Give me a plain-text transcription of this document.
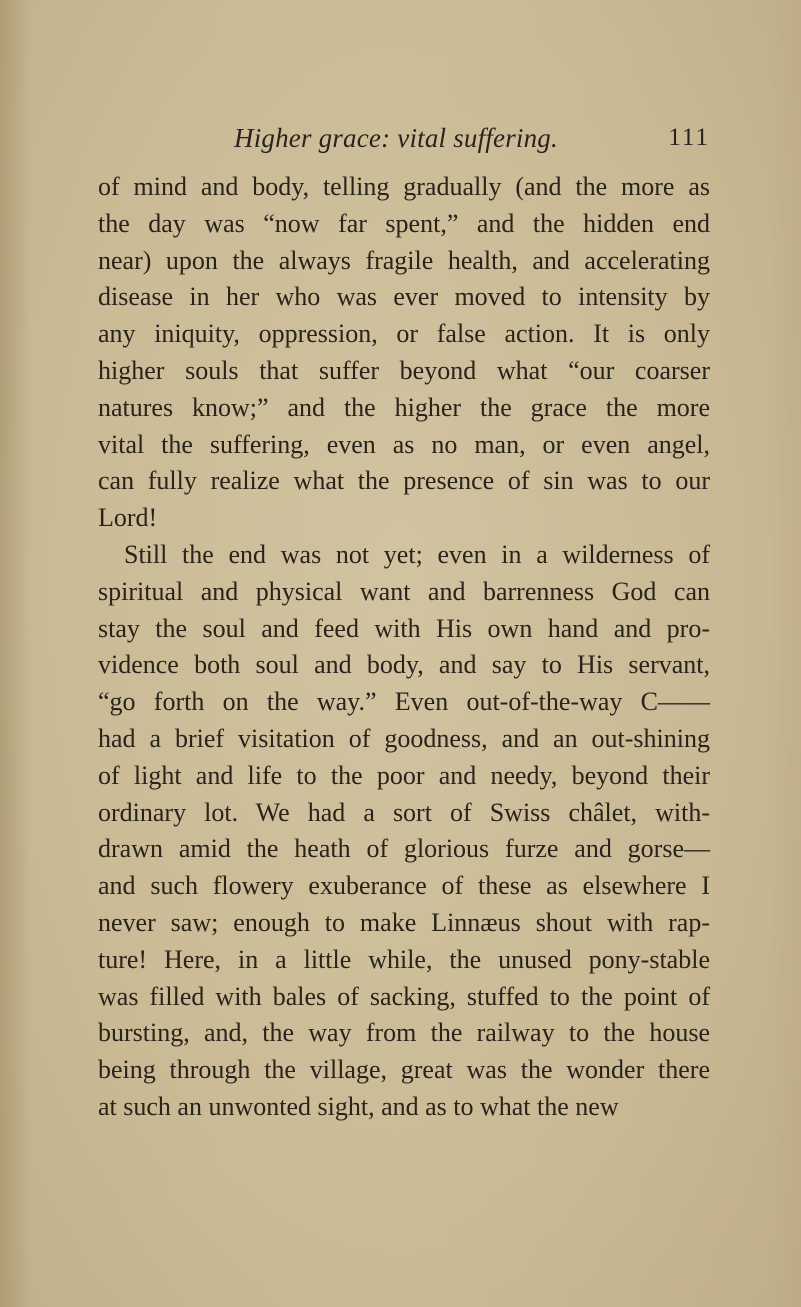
Higher grace: vital suffering.	111
of mind and body, telling gradually (and the more as
the day was “now far spent,” and the hidden end
near) upon the always fragile health, and accelerating
disease in her who was ever moved to intensity by
any iniquity, oppression, or false action. It is only
higher souls that suffer beyond what “our coarser
natures know;” and the higher the grace the more
vital the suffering, even as no man, or even angel,
can fully realize what the presence of sin was to our
Lord!
Still the end was not yet; even in a wilderness of
spiritual and physical want and barrenness God can
stay the soul and feed with His own hand and pro-
vidence both soul and body, and say to His servant,
“go forth on the way.” Even out-of-the-way C——
had a brief visitation of goodness, and an out-shining
of light and life to the poor and needy, beyond their
ordinary lot. We had a sort of Swiss châlet, with-
drawn amid the heath of glorious furze and gorse—
and such flowery exuberance of these as elsewhere I
never saw; enough to make Linnæus shout with rap-
ture! Here, in a little while, the unused pony-stable
was filled with bales of sacking, stuffed to the point of
bursting, and, the way from the railway to the house
being through the village, great was the wonder there
at such an unwonted sight, and as to what the new
